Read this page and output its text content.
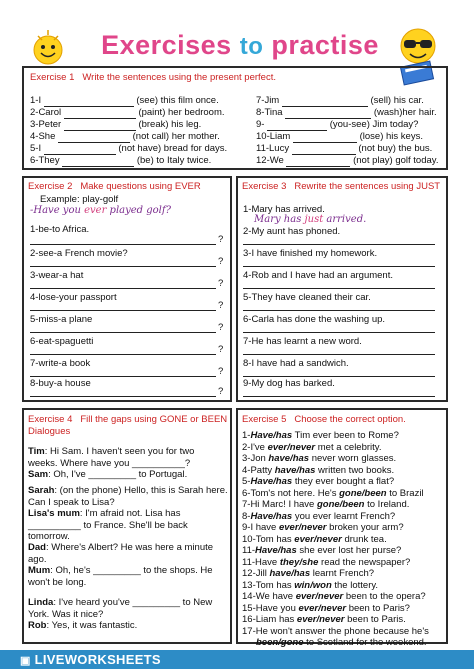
Exercises to practise
Exercise 1 Write the sentences using the present perfect.
1-I	(see) this film once.
2-Carol	(paint) her bedroom.
3-Peter	(break) his leg.
4-She	(not call) her mother.
5-I	(not have) bread for days.
6-They	(be) to Italy twice.
7-Jim	(sell) his car.
8-Tina	(wash)her hair.
9-	(you-see) Jim today?
10-Liam	(lose) his keys.
11-Lucy	(not buy) the bus.
12-We	(not play) golf today.
Exercise 2 Make questions using EVER
Example: play-golf
-Have you ever played golf?
1-be-to Africa.
?
2-see-a French movie?
?
3-wear-a hat
?
4-lose-your passport
?
5-miss-a plane
?
6-eat-spaguetti
?
7-write-a book
?
8-buy-a house
?
Exercise 3 Rewrite the sentences using JUST
1-Mary has arrived.
Mary has just arrived.
2-My aunt has phoned.
3-I have finished my homework.
4-Rob and I have had an argument.
5-They have cleaned their car.
6-Carla has done the washing up.
7-He has learnt a new word.
8-I have had a sandwich.
9-My dog has barked.
Exercise 4 Fill the gaps using GONE or BEEN
Dialogues
Tim: Hi Sam. I haven't seen you for two
weeks. Where have you __________?
Sam: Oh, I've _________ to Portugal.
Sarah: (on the phone) Hello, this is Sarah here. Can I speak to Lisa?
Lisa's mum: I'm afraid not. Lisa has
__________ to France. She'll be back tomorrow.
Dad: Where's Albert? He was here a minute
ago.
Mum: Oh, he's _________ to the shops. He
won't be long.
Linda: I've heard you've _________ to New
York. Was it nice?
Rob: Yes, it was fantastic.
Exercise 5 Choose the correct option.
1-Have/has Tim ever been to Rome?
2-I've ever/never met a celebrity.
3-Jon have/has never worn glasses.
4-Patty have/has written two books.
5-Have/has they ever bought a flat?
6-Tom's not here. He's gone/been to Brazil
7-Hi Marc! I have gone/been to Ireland.
8-Have/has you ever learnt French?
9-I have ever/never broken your arm?
10-Tom has ever/never drunk tea.
11-Have/has she ever lost her purse?
11-Have they/she read the newspaper?
12-Jill have/has learnt French?
13-Tom has win/won the lottery.
14-We have ever/never been to the opera?
15-Have you ever/never been to Paris?
16-Liam has ever/never been to Paris.
17-He won't answer the phone because he's
been/gone to Scotland for the weekend.
▣ LIVEWORKSHEETS
